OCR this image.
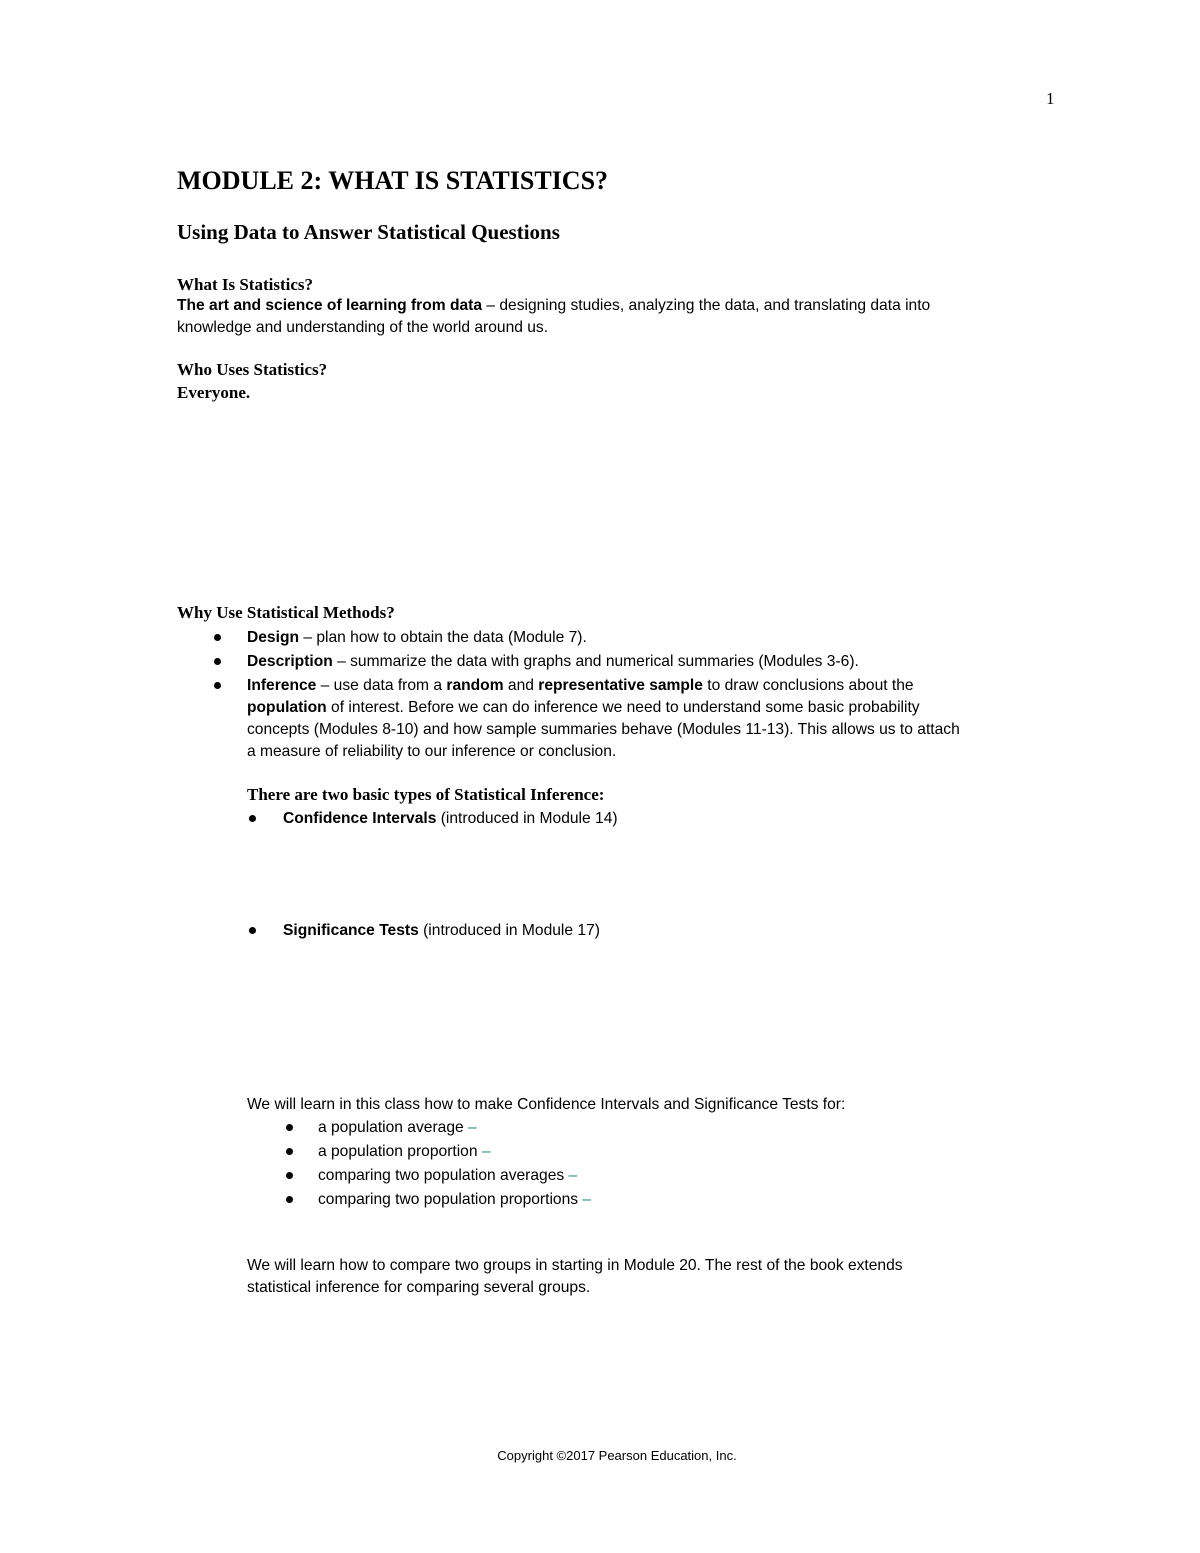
1
MODULE 2: WHAT IS STATISTICS?
Using Data to Answer Statistical Questions
What Is Statistics?
The art and science of learning from data – designing studies, analyzing the data, and translating data into
knowledge and understanding of the world around us.
Who Uses Statistics?
Everyone.
Why Use Statistical Methods?
Design – plan how to obtain the data (Module 7).
Description – summarize the data with graphs and numerical summaries (Modules 3-6).
Inference – use data from a random and representative sample to draw conclusions about the
population of interest. Before we can do inference we need to understand some basic probability
concepts (Modules 8-10) and how sample summaries behave (Modules 11-13). This allows us to attach
a measure of reliability to our inference or conclusion.
There are two basic types of Statistical Inference:
Confidence Intervals (introduced in Module 14)
Significance Tests (introduced in Module 17)
We will learn in this class how to make Confidence Intervals and Significance Tests for:
a population average –
a population proportion –
comparing two population averages –
comparing two population proportions –
We will learn how to compare two groups in starting in Module 20. The rest of the book extends
statistical inference for comparing several groups.
Copyright ©2017 Pearson Education, Inc.
